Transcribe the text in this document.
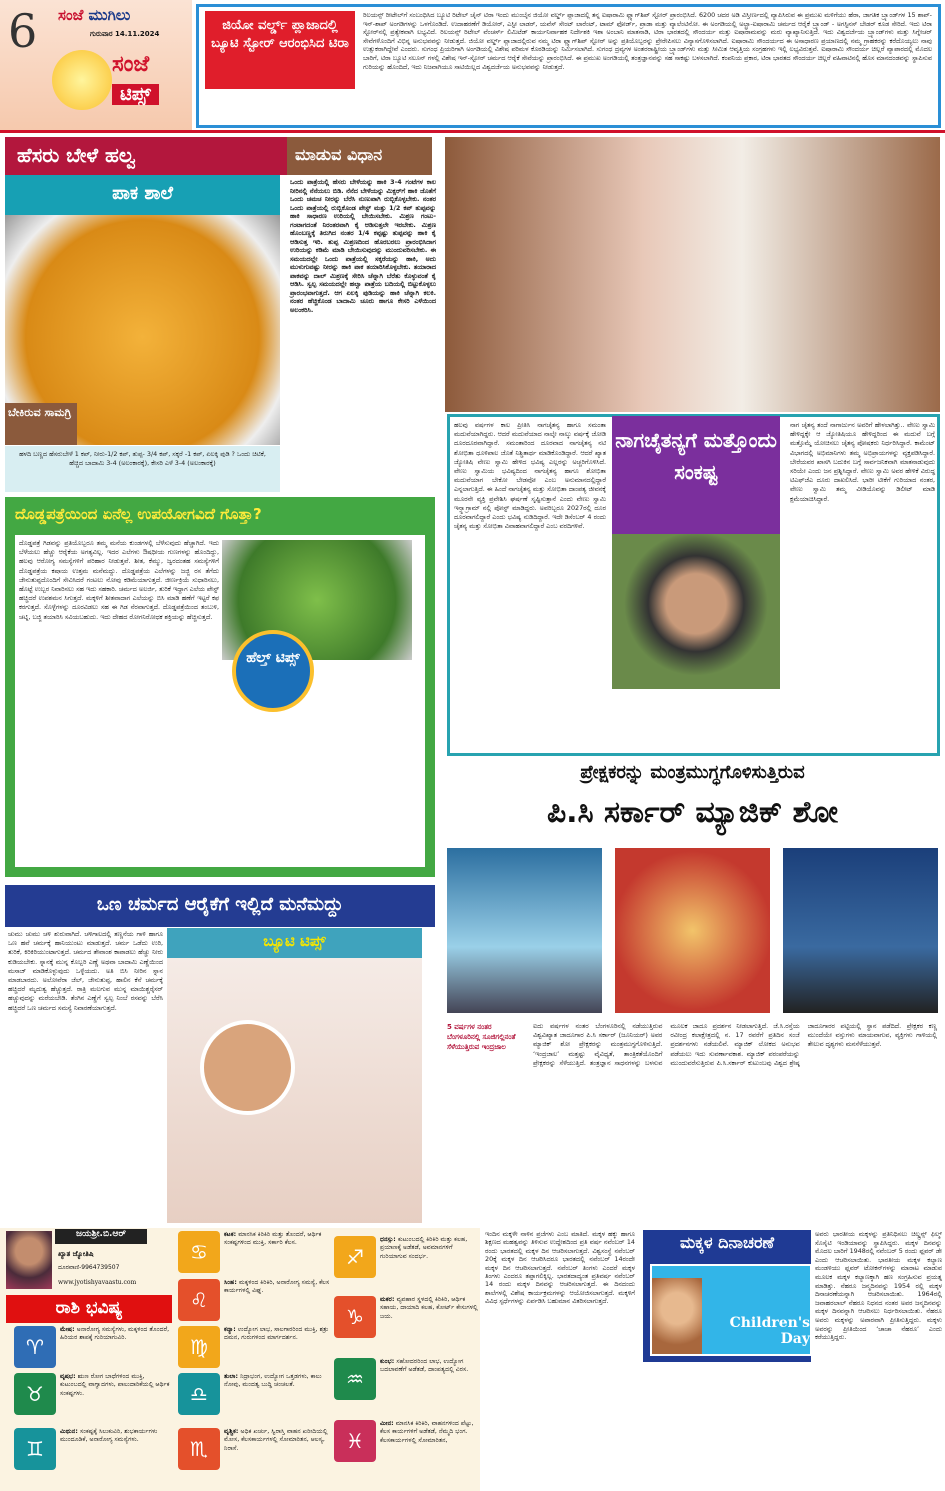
6 ಸಂಜೆ ಮುಗಿಲು
ಗುರುವಾರ 14.11.2024
ಸಂಜೆ
ಟಿಪ್ಸ್
ಜಿಯೋ ವರ್ಲ್ಡ್ ಪ್ಲಾಜಾದಲ್ಲಿ ಬ್ಯೂಟಿ ಸ್ಟೋರ್ ಆರಂಭಿಸಿದ ಟಿರಾ
ರಿಲಯನ್ಸ್ ರೀಟೇಲ್‌ಗೆ ಸಂಬಂಧಿಸಿದ ಬ್ಯೂಟಿ ರಿಟೇಲ್ ಚೈನ್ ಟಿರಾ ಇಂದು ಮುಂಬೈನ ಜಿಯೋ ವರ್ಲ್ಡ್ ಪ್ಲಾಜಾದಲ್ಲಿ ತನ್ನ ಐಷಾರಾಮಿ ಫ್ಲ್ಯಾಗ್‌ಶಿಪ್ ಸ್ಟೋರ್ ಪ್ರಾರಂಭಿಸಿದೆ. 6200 ಚದರ ಅಡಿ ವಿಸ್ತೀರ್ಣದಲ್ಲಿ ವ್ಯಾಪಿಸಿರುವ ಈ ಪ್ರಮುಖ ಮಳಿಗೆಯು ಹೆರಾ, ಜಾಗತಿಕ ಬ್ರ್ಯಾಂಡ್‌ಗಳ 15 ಶಾಪ್-ಇನ್-ಶಾಪ್ ಅಂಗಡಿಗಳನ್ನು ಒಳಗೊಂಡಿದೆ. ಉದಾಹರಣೆಗೆ ಡಿಯೋರ್, ಎಸ್ಟೀ ಲಾಡರ್, ಯವೆಸ್ ಸೇಂಟ್ ಲಾರೆಂಟ್, ಟಾಮ್ ಫೋರ್ಡ್, ಪ್ರಾಡಾ ಮತ್ತು ವ್ಯಾಲೆಂಟಿನೋ. ಈ ಅಂಗಡಿಯಲ್ಲಿ ಅಲ್ಟ್ರಾ-ಐಷಾರಾಮಿ ಚರ್ಮದ ಆರೈಕೆ ಬ್ರ್ಯಾಂಡ್ - ಅಗಸ್ಟಿನಸ್ ಬೇಡರ್ ಕೂಡ ಸೇರಿದೆ. ಇದು ಟಿರಾ ಸ್ಟೋರ್‌ನಲ್ಲಿ ಪ್ರತ್ಯೇಕವಾಗಿ ಲಭ್ಯವಿದೆ. ರಿಲಯನ್ಸ್ ರಿಟೇಲ್ ವೆಂಚರ್ಸ್ ಲಿಮಿಟೆಡ್ ಕಾರ್ಯನಿರ್ವಾಹಕ ನಿರ್ದೇಶಕಿ ಇಶಾ ಅಂಬಾನಿ ಮಾತನಾಡಿ, ಟಿರಾ ಭಾರತದಲ್ಲಿ ಸೌಂದರ್ಯ ಮತ್ತು ಐಷಾರಾಮವನ್ನು ಮರು ವ್ಯಾಖ್ಯಾನಿಸುತ್ತಿದೆ. ಇದು ವಿಶ್ವದರ್ಜೆಯ ಬ್ರ್ಯಾಂಡ್‌ಗಳು ಮತ್ತು ಸಿಗ್ನೇಚರ್ ಸೇವೆಗಳೊಂದಿಗೆ ವಿಭಿನ್ನ ಅನುಭವವನ್ನು ನೀಡುತ್ತದೆ. ಜಿಯೋ ವರ್ಲ್ಡ್ ಪ್ಲಾಜಾದಲ್ಲಿರುವ ನಮ್ಮ ಟಿರಾ ಫ್ಲ್ಯಾಗ್‌ಶಿಪ್ ಸ್ಟೋರ್ ಅನ್ನು ಪ್ರತಿಯೊಬ್ಬರನ್ನು ಪ್ರೇರೇಪಿಸಲು ವಿನ್ಯಾಸಗೊಳಿಸಲಾಗಿದೆ. ಐಷಾರಾಮಿ ಸೌಂದರ್ಯದ ಈ ಅಸಾಧಾರಣ ಪ್ರಯಾಣದಲ್ಲಿ ನಮ್ಮ ಗ್ರಾಹಕರನ್ನು ಕರೆದೊಯ್ಯಲು ನಾವು ಉತ್ಸುಕರಾಗಿದ್ದೇವೆ ಎಂದರು. ಸುಗಂಧ ಪ್ರಿಯರಿಗಾಗಿ ಅಂಗಡಿಯಲ್ಲಿ ವಿಶೇಷ ಪರಿಮಳ ಕೊಠಡಿಯನ್ನು ನಿರ್ಮಿಸಲಾಗಿದೆ. ಸುಗಂಧ ದ್ರವ್ಯಗಳ ಅಂತರರಾಷ್ಟ್ರೀಯ ಬ್ರ್ಯಾಂಡ್‌ಗಳು ಮತ್ತು ಸೀಮಿತ ಆವೃತ್ತಿಯ ಸಂಗ್ರಹಗಳು ಇಲ್ಲಿ ಲಭ್ಯವಿರುತ್ತವೆ. ಐಷಾರಾಮಿ ಸೌಂದರ್ಯ ಚಿಲ್ಲರೆ ವ್ಯಾಪಾರದಲ್ಲಿ ಮೊದಲ ಬಾರಿಗೆ, ಟಿರಾ ಬ್ಯೂಟಿ ಸಲೂನ್ ಗಳಲ್ಲಿ ವಿಶೇಷ ಇನ್-ಸ್ಟೋರ್ ಚರ್ಮದ ಆರೈಕೆ ಸೇವೆಯನ್ನು ಪ್ರಾರಂಭಿಸಿದೆ. ಈ ಪ್ರಮುಖ ಅಂಗಡಿಯಲ್ಲಿ ತಂತ್ರಜ್ಞಾನವನ್ನು ಸಹ ಸಾಕಷ್ಟು ಬಳಸಲಾಗಿದೆ. ಕಂಪನಿಯ ಪ್ರಕಾರ, ಟಿರಾ ಭಾರತದ ಸೌಂದರ್ಯ ಚಿಲ್ಲರೆ ವಹಿವಾಟಿನಲ್ಲಿ ಹೊಸ ಮಾನದಂಡವನ್ನು ಸ್ಥಾಪಿಸುವ ಗುರಿಯನ್ನು ಹೊಂದಿದೆ, ಇದು ನಿಜವಾಗಿಯೂ ಸಾಟಿಯಿಲ್ಲದ ವಿಶ್ವದರ್ಜೆಯ ಅನುಭವವನ್ನು ನೀಡುತ್ತದೆ.
ಹೆಸರು ಬೇಳೆ ಹಲ್ವ	ಮಾಡುವ ವಿಧಾನ
ಪಾಕ ಶಾಲೆ
ಬೇಕಿರುವ ಸಾಮಗ್ರಿ
ಹಳದಿ ಬಣ್ಣದ ಹೆಸರುಬೇಳೆ 1 ಕಪ್, ನೀರು-1/2 ಕಪ್, ತುಪ್ಪ- 3/4 ಕಪ್, ಸಕ್ಕರೆ -1 ಕಪ್, ಏಲಕ್ಕಿ ಪುಡಿ ? ಒಂದು ಚಿಟಿಕೆ, ಹೆಚ್ಚಿದ ಬಾದಾಮಿ 3-4 (ಅಲಂಕಾರಕ್ಕೆ), ಕೇಸರಿ ಎಳೆ 3-4 (ಅಲಂಕಾರಕ್ಕೆ)
ಒಂದು ಪಾತ್ರೆಯಲ್ಲಿ ಹೆಸರು ಬೇಳೆಯನ್ನು ಹಾಕಿ 3-4 ಗಂಟೆಗಳ ಕಾಲ ನೀರಿನಲ್ಲಿ ನೆನೆಯಲು ಬಿಡಿ. ನೆನೆದ ಬೇಳೆಯನ್ನು ಮಿಕ್ಸರ್‌ಗೆ ಹಾಕಿ ಜೊತೆಗೆ ಒಂದು ಚಮಚ ನೀರನ್ನು ಬೆರೆಸಿ ನುಣುಪಾಗಿ ರುಬ್ಬಿಕೊಳ್ಳಬೇಕು. ನಂತರ ಒಂದು ಪಾತ್ರೆಯಲ್ಲಿ ರುಬ್ಬಿಕೊಂಡ ಪೇಸ್ಟ್ ಮತ್ತು 1/2 ಕಪ್ ತುಪ್ಪವನ್ನು ಹಾಕಿ ಸಾಧಾರಣ ಉರಿಯಲ್ಲಿ ಬೇಯಿಸಬೇಕು. ಮಿಶ್ರಣ ಗಂಟು-ಗಂಟಾಗದಂತೆ ನಿರಂತರವಾಗಿ ಕೈ ಆಡಿಸುತ್ತಲೇ ಇರಬೇಕು. ಮಿಶ್ರಣ ಹೊಂಬಣ್ಣಕ್ಕೆ ತಿರುಗಿದ ನಂತರ 1/4 ಕಪ್ಪಷ್ಟು ತುಪ್ಪವನ್ನು ಹಾಕಿ ಕೈ ಆಡಿಸುತ್ತ ಇರಿ. ತುಪ್ಪ ಮಿಶ್ರಣದಿಂದ ಹೊರಬರಲು ಪ್ರಾರಂಭಿಸಿದಾಗ ಉರಿಯನ್ನು ಕಡಿಮೆ ಮಾಡಿ ಬೇಯಿಸುವುದನ್ನು ಮುಂದುವರಿಸಬೇಕು. ಈ ಸಮಯದಲ್ಲೇ ಒಂದು ಪಾತ್ರೆಯಲ್ಲಿ ಸಕ್ಕರೆಯನ್ನು ಹಾಕಿ, ಅದು ಮುಳುಗುವಷ್ಟು ನೀರನ್ನು ಹಾಕಿ ಪಾಕ ತಯಾರಿಸಿಕೊಳ್ಳಬೇಕು. ತಯಾರಾದ ಪಾಕವನ್ನು ದಾಲ್ ಮಿಶ್ರಣಕ್ಕೆ ಸೇರಿಸಿ ಚೆನ್ನಾಗಿ ಬೆರೆತು ಕೊಳ್ಳುವಂತೆ ಕೈ ಆಡಿಸಿ. ಸ್ವಲ್ಪ ಸಮಯದಲ್ಲೇ ಹಲ್ವಾ ಪಾತ್ರೆಯ ಬದಿಯಲ್ಲಿ ಬಿಟ್ಟುಕೊಳ್ಳಲು ಪ್ರಾರಂಭವಾಗುತ್ತದೆ. ಆಗ ಏಲಕ್ಕಿ ಪುಡಿಯನ್ನು ಹಾಕಿ ಚೆನ್ನಾಗಿ ಕಲಕಿ. ನಂತರ ಹೆಚ್ಚಿಕೊಂಡ ಬಾದಾಮಿ ಚೂರು ಹಾಗೂ ಕೇಸರಿ ಎಳೆಯಿಂದ ಅಲಂಕರಿಸಿ.
ದೊಡ್ಡಪತ್ರೆಯಿಂದ ಏನೆಲ್ಲ ಉಪಯೋಗವಿದೆ ಗೊತ್ತಾ?
ದೊಡ್ಡಪತ್ರೆ ಗಿಡವನ್ನು ಪ್ರತಿಯೊಬ್ಬರೂ ತಮ್ಮ ಮನೆಯ ಕುಂಡಗಳಲ್ಲಿ ಬೆಳೆಸುವುದು ಹೆಚ್ಚಾಗಿದೆ. ಇದು ಬೆಳೆಯಲು ಹೆಚ್ಚು ಆರೈಕೆಯ ಅಗತ್ಯವಿಲ್ಲ. ಇದರ ಎಲೆಗಳು ಔಷಧೀಯ ಗುಣಗಳನ್ನು ಹೊಂದಿದ್ದು, ಹಲವು ಆರೋಗ್ಯ ಸಮಸ್ಯೆಗಳಿಗೆ ಪರಿಹಾರ ನೀಡುತ್ತವೆ. ಶೀತ, ಕೆಮ್ಮು, ಜ್ವರದಂತಹ ಸಮಸ್ಯೆಗಳಿಗೆ ದೊಡ್ಡಪತ್ರೆಯ ಕಷಾಯ ಉತ್ತಮ ಮನೆಮದ್ದು. ದೊಡ್ಡಪತ್ರೆಯ ಎಲೆಗಳನ್ನು ಜಜ್ಜಿ ರಸ ತೆಗೆದು ಜೇನುತುಪ್ಪದೊಂದಿಗೆ ಸೇವಿಸಿದರೆ ಗಂಟಲು ನೋವು ಕಡಿಮೆಯಾಗುತ್ತದೆ. ಜೀರ್ಣಕ್ರಿಯೆ ಸುಧಾರಿಸಲು, ಹೊಟ್ಟೆ ಉಬ್ಬರ ನಿವಾರಿಸಲು ಸಹ ಇದು ಸಹಕಾರಿ. ಚರ್ಮದ ಅಲರ್ಜಿ, ತುರಿಕೆ ಇದ್ದಾಗ ಎಲೆಯ ಪೇಸ್ಟ್ ಹಚ್ಚಿದರೆ ಉಪಶಮನ ಸಿಗುತ್ತದೆ. ಮಕ್ಕಳಿಗೆ ಶೀತವಾದಾಗ ಎಲೆಯನ್ನು ಬಿಸಿ ಮಾಡಿ ಹಣೆಗೆ ಇಟ್ಟರೆ ಕಫ ಕರಗುತ್ತದೆ. ಸೊಳ್ಳೆಗಳನ್ನು ದೂರವಿಡಲು ಸಹ ಈ ಗಿಡ ನೆರವಾಗುತ್ತದೆ. ದೊಡ್ಡಪತ್ರೆಯಿಂದ ತಂಬುಳಿ, ಚಟ್ನಿ, ಬಜ್ಜಿ ತಯಾರಿಸಿ ಸವಿಯಬಹುದು. ಇದು ದೇಹದ ರೋಗನಿರೋಧಕ ಶಕ್ತಿಯನ್ನು ಹೆಚ್ಚಿಸುತ್ತದೆ.
ಹೆಲ್ತ್ ಟಿಪ್ಸ್
ಒಣ ಚರ್ಮದ ಆರೈಕೆಗೆ ಇಲ್ಲಿದೆ ಮನೆಮದ್ದು
ಚುಮು ಚುಮು ಚಳಿ ಶುರುವಾಗಿದೆ. ಚಳಿಗಾಲದಲ್ಲಿ ತಣ್ಣನೆಯ ಗಾಳಿ ಹಾಗೂ ಒಣ ಹವೆ ಚರ್ಮಕ್ಕೆ ಹಾನಿಯುಂಟು ಮಾಡುತ್ತದೆ. ಚರ್ಮ ಒಡೆದು ಉರಿ, ತುರಿಕೆ, ಕಿರಿಕಿರಿಯುಂಟಾಗುತ್ತದೆ. ಚರ್ಮದ ತೇವಾಂಶ ಕಾಪಾಡಲು ಹೆಚ್ಚು ನೀರು ಕುಡಿಯಬೇಕು. ಸ್ನಾನಕ್ಕೆ ಮುನ್ನ ಕೊಬ್ಬರಿ ಎಣ್ಣೆ ಅಥವಾ ಬಾದಾಮಿ ಎಣ್ಣೆಯಿಂದ ಮಸಾಜ್ ಮಾಡಿಕೊಳ್ಳುವುದು ಒಳ್ಳೆಯದು. ಅತಿ ಬಿಸಿ ನೀರಿನ ಸ್ನಾನ ಮಾಡಬಾರದು. ಅಲೋವೆರಾ ಜೆಲ್, ಜೇನುತುಪ್ಪ, ಹಾಲಿನ ಕೆನೆ ಚರ್ಮಕ್ಕೆ ಹಚ್ಚಿದರೆ ಮೃದುತ್ವ ಹೆಚ್ಚುತ್ತದೆ. ರಾತ್ರಿ ಮಲಗುವ ಮುನ್ನ ಮಾಯಿಶ್ಚರೈಸರ್ ಹಚ್ಚುವುದನ್ನು ಮರೆಯಬೇಡಿ. ತೆಂಗಿನ ಎಣ್ಣೆಗೆ ಸ್ವಲ್ಪ ನಿಂಬೆ ರಸವನ್ನು ಬೆರೆಸಿ ಹಚ್ಚಿದರೆ ಒಣ ಚರ್ಮದ ಸಮಸ್ಯೆ ನಿವಾರಣೆಯಾಗುತ್ತದೆ.
ಬ್ಯೂಟಿ ಟಿಪ್ಸ್
ಹಲವು ವರ್ಷಗಳ ಕಾಲ ಪ್ರೀತಿಸಿ ನಾಗಚೈತನ್ಯ ಹಾಗೂ ಸಮಂತಾ ಮದುವೆಯಾಗಿದ್ದರು. ಆದರೆ ಮದುವೆಯಾದ ನಾಲ್ಕೇ ನಾಲ್ಕು ವರ್ಷಕ್ಕೆ ಜೋಡಿ ದೂರದೂರವಾಗಿದ್ದಾರೆ. ಸಮಂತಾರಿಂದ ದೂರವಾದ ನಾಗಚೈತನ್ಯ ನಟಿ ಶೋಭಿತಾ ಧೂಳಿಪಾಲ ಜೊತೆ ನಿಶ್ಚಿತಾರ್ಥ ಮಾಡಿಕೊಂಡಿದ್ದಾರೆ. ಆದರೆ ಖ್ಯಾತ ಜ್ಯೋತಿಷಿ ವೇಣು ಸ್ವಾಮಿ ಹೇಳಿದ ಭವಿಷ್ಯ ಎಲ್ಲರನ್ನು ಅಚ್ಚರಿಗೊಳಿಸಿದೆ. ವೇಣು ಸ್ವಾಮಿಯ ಭವಿಷ್ಯದಿಂದ ನಾಗಚೈತನ್ಯ ಹಾಗೂ ಶೋಭಿತಾ ಮದುವೆಯಾಗ ಬೇಕೋ ಬೇಡವೋ ಎಂಬ ಅನುಮಾನದಲ್ಲಿದ್ದಾರೆ ಎನ್ನಲಾಗುತ್ತಿದೆ. ಈ ಹಿಂದೆ ನಾಗಚೈತನ್ಯ ಮತ್ತು ಸೋಭಿತಾ ದಾಂಪತ್ಯ ಜೀವನಕ್ಕೆ ಮೂರನೇ ವ್ಯಕ್ತಿ ಪ್ರವೇಶಿಸಿ ಘರ್ಷಣೆ ಸೃಷ್ಟಿಸುತ್ತಾನೆ ಎಂದು ವೇಣು ಸ್ವಾಮಿ ಇನ್ಸ್ಟಾಗ್ರಾಮ್ ನಲ್ಲಿ ಪೋಸ್ಟ್ ಮಾಡಿದ್ದರು. ಅವರಿಬ್ಬರೂ 2027ರಲ್ಲಿ ದೂರ ದೂರವಾಗಲಿದ್ದಾರೆ ಎಂದು ಭವಿಷ್ಯ ನುಡಿದಿದ್ದಾರೆ. ಇದೇ ಡಿಸೆಂಬರ್ 4 ರಂದು ಚೈತನ್ಯ ಮತ್ತು ಸೋಭಿತಾ ವಿವಾಹವಾಗಲಿದ್ದಾರೆ ಎಂಬ ವರದಿಗಳಿವೆ.
ನಾಗ ಚೈತನ್ಯ ತಂದೆ ನಾಗಾರ್ಜುನ ಅವರಿಗೆ ಹೇಳಲಾಗಿತ್ತು.. ವೇಣು ಸ್ವಾಮಿ ಹೇಳಿದ್ದಕ್ಕೇ ಆ ಜ್ಯೋತಿಷಿಯೂ ಹೇಳಿದ್ದರಿಂದ ಈ ಮದುವೆ ಬಗ್ಗೆ ಮತ್ತೊಮ್ಮೆ ಯೋಚಿಸಲು ಚೈತನ್ಯ ಪೋಷಕರು ನಿರ್ಧರಿಸಿದ್ದಾರೆ. ಕಾಮೆಂಟ್ ವಿಭಾಗದಲ್ಲಿ ಅಭಿಮಾನಿಗಳು ತಮ್ಮ ಅಭಿಪ್ರಾಯಗಳನ್ನು ವ್ಯಕ್ತಪಡಿಸಿದ್ದಾರೆ. ಬೇರೆಯವರ ಖಾಸಗಿ ಬದುಕಿನ ಬಗ್ಗೆ ಸಾರ್ವಜನಿಕವಾಗಿ ಮಾತನಾಡುವುದು ಸರಿಯೇ ಎಂದು ಜನ ಪ್ರಶ್ನಿಸಿದ್ದಾರೆ. ವೇಣು ಸ್ವಾಮಿ ಅವರ ಹೇಳಿಕೆ ವಿರುದ್ಧ ಟಿಎಫ್‌ಜೆಎ ದೂರು ದಾಖಲಿಸಿದೆ. ಭಾರೀ ಟೀಕೆಗೆ ಗುರಿಯಾದ ನಂತರ, ವೇಣು ಸ್ವಾಮಿ ತಮ್ಮ ವೀಡಿಯೊವನ್ನು ಡಿಲೀಟ್ ಮಾಡಿ ಕ್ಷಮೆಯಾಚಿಸಿದ್ದಾರೆ.
ನಾಗಚೈತನ್ಯಗೆ ಮತ್ತೊಂದು ಸಂಕಷ್ಟ
ಪ್ರೇಕ್ಷಕರನ್ನು ಮಂತ್ರಮುಗ್ಧಗೊಳಿಸುತ್ತಿರುವ
ಪಿ.ಸಿ ಸರ್ಕಾರ್ ಮ್ಯಾಜಿಕ್ ಶೋ
5 ವರ್ಷಗಳ ನಂತರ ಬೆಂಗಳೂರಿನಲ್ಲಿ ಸೂಜಿಗಲ್ಲಿನಂತೆ ಸೆಳೆಯುತ್ತಿರುವ ಇಂದ್ರಜಾಲ
ಐದು ವರ್ಷಗಳ ನಂತರ ಬೆಂಗಳೂರಿನಲ್ಲಿ ನಡೆಯುತ್ತಿರುವ ವಿಶ್ವವಿಖ್ಯಾತ ಜಾದೂಗಾರ ಪಿ.ಸಿ ಸರ್ಕಾರ್ (ಜೂನಿಯರ್) ಅವರ ಮ್ಯಾಜಿಕ್ ಶೋ ಪ್ರೇಕ್ಷಕರನ್ನು ಮಂತ್ರಮುಗ್ಧಗೊಳಿಸುತ್ತಿದೆ. ‘ಇಂದ್ರಜಾಲ’ ಮತ್ತಷ್ಟು ವೈವಿಧ್ಯತೆ, ತಾಂತ್ರಿಕತೆಯೊಂದಿಗೆ ಪ್ರೇಕ್ಷಕರನ್ನು ಸೆಳೆಯುತ್ತಿದೆ. ತಂತ್ರಜ್ಞಾನ ಸಾಧನಗಳನ್ನು ಬಳಸುವ ಮೂಲಕ ಜಾದೂ ಪ್ರದರ್ಶನ ನೀಡಲಾಗುತ್ತಿದೆ. ಜೆ.ಸಿ.ರಸ್ತೆಯ ರವೀಂದ್ರ ಕಲಾಕ್ಷೇತ್ರದಲ್ಲಿ ನ. 17 ರವರೆಗೆ ಪ್ರತಿದಿನ ಸಂಜೆ ಪ್ರದರ್ಶನಗಳು ನಡೆಯಲಿವೆ. ಮ್ಯಾಜಿಕ್ ಲೋಕದ ಅನುಭವ ಪಡೆಯಲು ಇದು ಸುವರ್ಣಾವಕಾಶ. ಮ್ಯಾಜಿಕ್ ಪರಂಪರೆಯನ್ನು ಮುಂದುವರೆಸುತ್ತಿರುವ ಪಿ.ಸಿ.ಸರ್ಕಾರ್ ಕುಟುಂಬವು ವಿಶ್ವದ ಶ್ರೇಷ್ಠ ಜಾದೂಗಾರರ ಪಟ್ಟಿಯಲ್ಲಿ ಸ್ಥಾನ ಪಡೆದಿದೆ. ಪ್ರೇಕ್ಷಕರ ಕಣ್ಣ ಮುಂದೆಯೇ ವಸ್ತುಗಳು ಮಾಯವಾಗುವ, ವ್ಯಕ್ತಿಗಳು ಗಾಳಿಯಲ್ಲಿ ತೇಲುವ ದೃಶ್ಯಗಳು ಮನಸೆಳೆಯುತ್ತವೆ.
ಜಯಶ್ರೀ.ಬಿ.ಆರ್
ಖ್ಯಾತ ಜ್ಯೋತಿಷಿ
ದೂರವಾಣಿ-9964739507
www.jyotishyavaastu.com
ರಾಶಿ ಭವಿಷ್ಯ
♈
ಮೇಷ: ಅನಾರೋಗ್ಯ ಸಮಸ್ಯೆಗಳು, ಮಕ್ಕಳಿಂದ ತೊಂದರೆ, ಹಿರಿಯರ ಶಾಪಕ್ಕೆ ಗುರಿಯಾಗುವಿರಿ.
♉
ವೃಷಭ: ಋಣ ರೋಗ ಬಾಧೆಗಳಿಂದ ಮುಕ್ತಿ, ಕುಟುಂಬದಲ್ಲಿ ವಾಗ್ವಾದಗಳು, ಪಾಲುದಾರಿಕೆಯಲ್ಲಿ ಆರ್ಥಿಕ ಸಂಕಷ್ಟಗಳು.
♊
ಮಿಥುನ: ಸಂಕಷ್ಟಕ್ಕೆ ಸಿಲುಕುವಿರಿ, ಶುಭಕಾರ್ಯಗಳು ಮುಂದೂಡಿಕೆ, ಅನಾರೋಗ್ಯ ಸಮಸ್ಯೆಗಳು.
♋
ಕಟಕ: ಮಾನಸಿಕ ಕಿರಿಕಿರಿ ಮತ್ತು ತೊಂದರೆ, ಆರ್ಥಿಕ ಸಂಕಷ್ಟಗಳಿಂದ ಮುಕ್ತಿ, ಸರ್ಕಾರಿ ಕೆಲಸ.
♌
ಸಿಂಹ: ಮಕ್ಕಳಿಂದ ಕಿರಿಕಿರಿ, ಅನಾರೋಗ್ಯ ಸಮಸ್ಯೆ, ಕೆಲಸ ಕಾರ್ಯಗಳಲ್ಲಿ ವಿಘ್ನ.
♍
ಕನ್ಯಾ: ಉದ್ಯೋಗ ಲಾಭ, ಸಾಲಗಾರರಿಂದ ಮುಕ್ತಿ, ಶತ್ರು ದಮನ, ಗುರುಗಳಿಂದ ಮಾರ್ಗದರ್ಶನ.
♎
ತುಲಾ: ನಿದ್ರಾಭಂಗ, ಉದ್ಯೋಗ ಒತ್ತಡಗಳು, ಕಾಲು ನೋವು, ಮಂದತ್ವ ಬುದ್ಧಿ ಚಂಚಲತೆ.
♏
ವೃಶ್ಚಿಕ: ಅಧಿಕ ಖರ್ಚು, ಸ್ವಿರಾಸ್ತಿ ವಾಹನ ಖರೀದಿಯಲ್ಲಿ ಮೋಸ, ಕೆಲಸಕಾರ್ಯಗಳಲ್ಲಿ ಸೋಮಾರಿತನ, ಆಲಸ್ಯ, ನಿರಾಸೆ.
♐
ಧನಸ್ಸು: ಕುಟುಂಬದಲ್ಲಿ ಕಿರಿಕಿರಿ ಮತ್ತು ಕಲಹ, ಪ್ರಯಾಣಕ್ಕೆ ಅಡೆತಡೆ, ಅವಮಾನಗಳಿಗೆ ಗುರಿಯಾಗುವ ಸಂದರ್ಭ.
♑
ಮಕರ: ವ್ಯವಹಾರ ಸ್ಥಳದಲ್ಲಿ ಕಿರಿಕಿರಿ, ಆರ್ಥಿಕ ಸಹಾಯ, ದಾಯಾದಿ ಕಲಹ, ಕೋರ್ಟ್ ಕೇಸುಗಳಲ್ಲಿ ಜಯ.
♒
ಕುಂಭ: ಸಹೋದರರಿಂದ ಲಾಭ, ಉದ್ಯೋಗ ಬದಲಾವಣೆಗೆ ಅಡೆತಡೆ, ದಾಂಪತ್ಯದಲ್ಲಿ ವಿರಸ.
♓
ಮೀನ: ಮಾನಸಿಕ ಕಿರಿಕಿರಿ, ವಾಹನಗಳಿಂದ ಪೆಟ್ಟು, ಕೆಲಸ ಕಾರ್ಯಗಳಿಗೆ ಅಡೆತಡೆ, ನೆಮ್ಮದಿ ಭಂಗ. ಕೆಲಸಕಾರ್ಯಗಳಲ್ಲಿ ಸೋಮಾರಿತನ,
ಇಂದಿನ ಮಕ್ಕಳೇ ನಾಳಿನ ಪ್ರಜೆಗಳು ಎಂಬ ಮಾತಿದೆ. ಮಕ್ಕಳ ಹಕ್ಕು ಹಾಗೂ ಶಿಕ್ಷಣದ ಮಹತ್ವವನ್ನು ತಿಳಿಸುವ ಉದ್ದೇಶದಿಂದ ಪ್ರತಿ ವರ್ಷ ನವೆಂಬರ್ 14 ರಂದು ಭಾರತದಲ್ಲಿ ಮಕ್ಕಳ ದಿನ ಆಚರಿಸಲಾಗುತ್ತದೆ. ವಿಶ್ವಸಂಸ್ಥೆ ನವೆಂಬರ್ 20ಕ್ಕೆ ಮಕ್ಕಳ ದಿನ ಆಚರಿಸಿದರೂ ಭಾರತದಲ್ಲಿ ನವೆಂಬರ್ 14ರಂದೇ ಮಕ್ಕಳ ದಿನ ಆಚರಿಸಲಾಗುತ್ತದೆ. ನವೆಂಬರ್ ತಿಂಗಳು ಎಂದರೆ ಮಕ್ಕಳ ತಿಂಗಳು ಎಂದರೂ ತಪ್ಪಾಗಲಿಕ್ಕಿಲ್ಲ. ಭಾರತದಾದ್ಯಂತ ಪ್ರತಿವರ್ಷ ನವೆಂಬರ್ 14 ರಂದು ಮಕ್ಕಳ ದಿನವನ್ನು ಆಚರಿಸಲಾಗುತ್ತದೆ. ಈ ದಿನದಂದು ಶಾಲೆಗಳಲ್ಲಿ ವಿಶೇಷ ಕಾರ್ಯಕ್ರಮಗಳನ್ನು ಆಯೋಜಿಸಲಾಗುತ್ತದೆ. ಮಕ್ಕಳಿಗೆ ವಿವಿಧ ಸ್ಪರ್ಧೆಗಳನ್ನು ಏರ್ಪಡಿಸಿ ಬಹುಮಾನ ವಿತರಿಸಲಾಗುತ್ತದೆ.
ಅವರು ಭಾರತೀಯ ಮಕ್ಕಳನ್ನು ಪ್ರತಿನಿಧಿಸಲು ಚಿಲ್ಡ್ರನ್ಸ್ ಫಿಲ್ಮ್ ಸೊಸೈಟಿ ಇಂಡಿಯಾವನ್ನು ಸ್ಥಾಪಿಸಿದ್ದರು. ಮಕ್ಕಳ ದಿನವನ್ನು ಮೊದಲ ಬಾರಿಗೆ 1948ರಲ್ಲಿ ನವೆಂಬರ್ 5 ರಂದು ಫ್ಲವರ್ ಡೇ ಎಂದು ಆಚರಿಸಲಾಯಿತು. ಭಾರತೀಯ ಮಕ್ಕಳ ಕಲ್ಯಾಣ ಮಂಡಳಿಯು ಫ್ಲವರ್ ಟೋಕನ್‌ಗಳನ್ನು ಮಾರಾಟ ಮಾಡುವ ಮೂಲಕ ಮಕ್ಕಳ ಕಲ್ಯಾಣಕ್ಕಾಗಿ ಹಣ ಸಂಗ್ರಹಿಸುವ ಪ್ರಯತ್ನ ಮಾಡಿತ್ತು. ನೆಹರೂ ಜನ್ಮದಿನವನ್ನು 1954 ರಲ್ಲಿ ಮಕ್ಕಳ ದಿನಾಚರಣೆಯನ್ನಾಗಿ ಆಚರಿಸಲಾಯಿತು. 1964ರಲ್ಲಿ ಜವಾಹರಲಾಲ್ ನೆಹರೂ ನಿಧನದ ನಂತರ ಅವರ ಜನ್ಮದಿನವನ್ನು ಮಕ್ಕಳ ದಿನವನ್ನಾಗಿ ಆಚರಿಸಲು ನಿರ್ಧರಿಸಲಾಯಿತು. ನೆಹರೂ ಅವರು ಮಕ್ಕಳನ್ನು ಅಪಾರವಾಗಿ ಪ್ರೀತಿಸುತ್ತಿದ್ದರು. ಮಕ್ಕಳು ಅವರನ್ನು ಪ್ರೀತಿಯಿಂದ ‘ಚಾಚಾ ನೆಹರೂ’ ಎಂದು ಕರೆಯುತ್ತಿದ್ದರು.
ಮಕ್ಕಳ ದಿನಾಚರಣೆ
Children's Day
